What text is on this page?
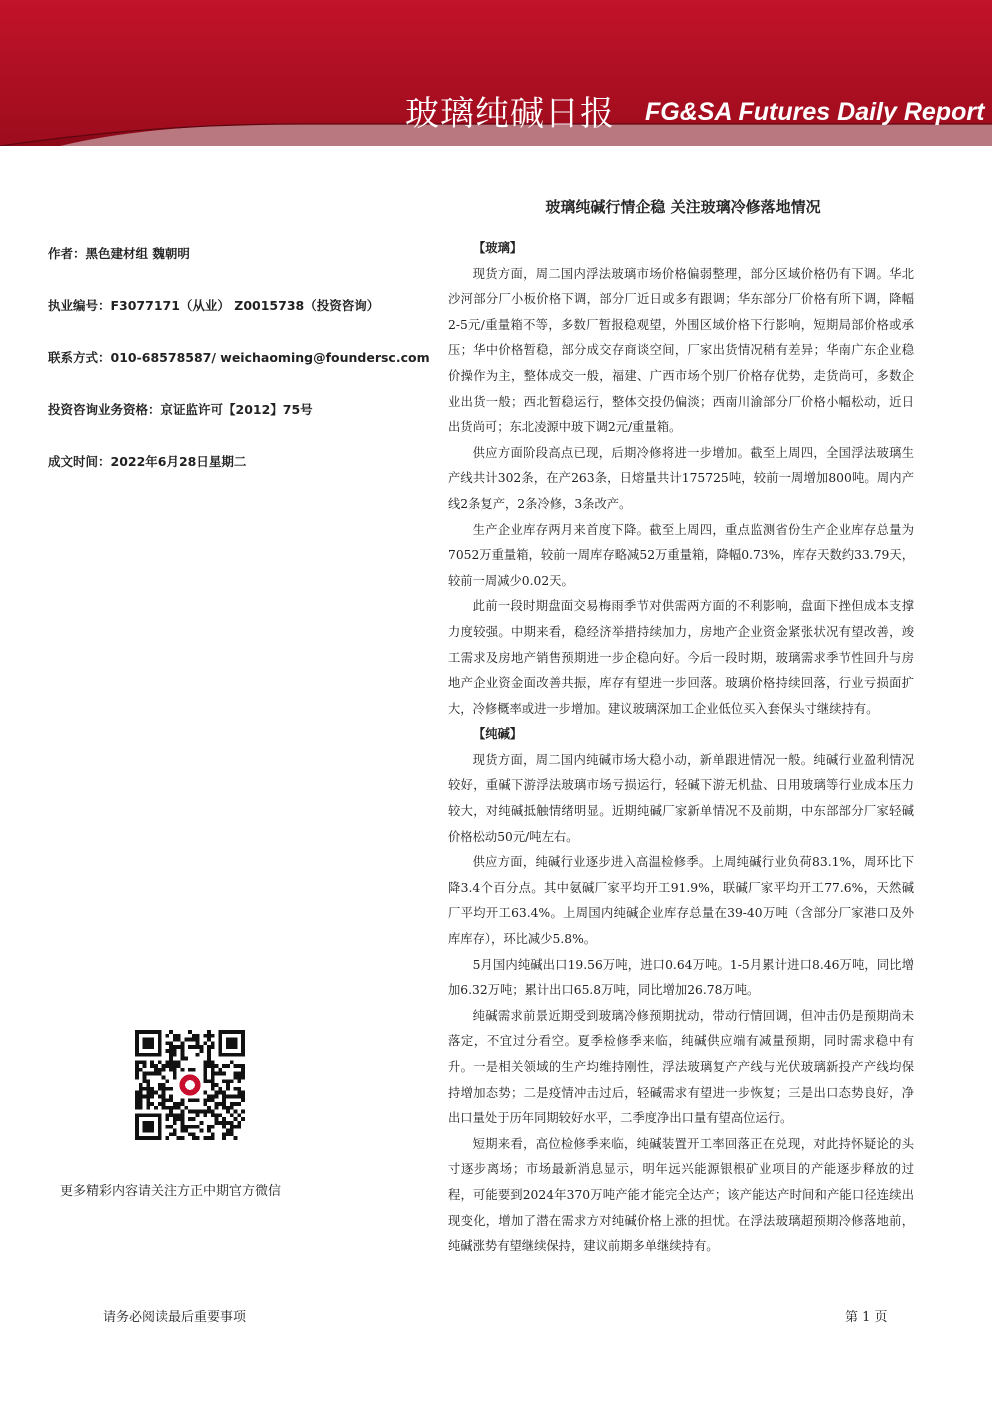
玻璃纯碱日报 FG&SA Futures Daily Report
玻璃纯碱行情企稳 关注玻璃冷修落地情况
作者：黑色建材组 魏朝明
执业编号：F3077171（从业） Z0015738（投资咨询）
联系方式：010-68578587/ weichaoming@foundersc.com
投资咨询业务资格：京证监许可【2012】75号
成文时间：2022年6月28日星期二
【玻璃】

现货方面，周二国内浮法玻璃市场价格偏弱整理，部分区域价格仍有下调。华北沙河部分厂小板价格下调，部分厂近日或多有跟调；华东部分厂价格有所下调，降幅2-5元/重量箱不等，多数厂暂报稳观望，外围区域价格下行影响，短期局部价格或承压；华中价格暂稳，部分成交存商谈空间，厂家出货情况稍有差异；华南广东企业稳价操作为主，整体成交一般，福建、广西市场个别厂价格存优势，走货尚可，多数企业出货一般；西北暂稳运行，整体交投仍偏淡；西南川渝部分厂价格小幅松动，近日出货尚可；东北凌源中玻下调2元/重量箱。

供应方面阶段高点已现，后期冷修将进一步增加。截至上周四，全国浮法玻璃生产线共计302条，在产263条，日熔量共计175725吨，较前一周增加800吨。周内产线2条复产，2条冷修，3条改产。

生产企业库存两月来首度下降。截至上周四，重点监测省份生产企业库存总量为7052万重量箱，较前一周库存略减52万重量箱，降幅0.73%，库存天数约33.79天，较前一周减少0.02天。

此前一段时期盘面交易梅雨季节对供需两方面的不利影响，盘面下挫但成本支撑力度较强。中期来看，稳经济举措持续加力，房地产企业资金紧张状况有望改善，竣工需求及房地产销售预期进一步企稳向好。今后一段时期，玻璃需求季节性回升与房地产企业资金面改善共振，库存有望进一步回落。玻璃价格持续回落，行业亏损面扩大，冷修概率或进一步增加。建议玻璃深加工企业低位买入套保头寸继续持有。

【纯碱】

现货方面，周二国内纯碱市场大稳小动，新单跟进情况一般。纯碱行业盈利情况较好，重碱下游浮法玻璃市场亏损运行，轻碱下游无机盐、日用玻璃等行业成本压力较大，对纯碱抵触情绪明显。近期纯碱厂家新单情况不及前期，中东部部分厂家轻碱价格松动50元/吨左右。

供应方面，纯碱行业逐步进入高温检修季。上周纯碱行业负荷83.1%，周环比下降3.4个百分点。其中氨碱厂家平均开工91.9%，联碱厂家平均开工77.6%，天然碱厂平均开工63.4%。上周国内纯碱企业库存总量在39-40万吨（含部分厂家港口及外库库存），环比减少5.8%。

5月国内纯碱出口19.56万吨，进口0.64万吨。1-5月累计进口8.46万吨，同比增加6.32万吨；累计出口65.8万吨，同比增加26.78万吨。

纯碱需求前景近期受到玻璃冷修预期扰动，带动行情回调，但冲击仍是预期尚未落定，不宜过分看空。夏季检修季来临，纯碱供应端有减量预期，同时需求稳中有升。一是相关领域的生产均维持刚性，浮法玻璃复产产线与光伏玻璃新投产产线均保持增加态势；二是疫情冲击过后，轻碱需求有望进一步恢复；三是出口态势良好，净出口量处于历年同期较好水平，二季度净出口量有望高位运行。

短期来看，高位检修季来临，纯碱装置开工率回落正在兑现，对此持怀疑论的头寸逐步离场；市场最新消息显示，明年远兴能源银根矿业项目的产能逐步释放的过程，可能要到2024年370万吨产能才能完全达产；该产能达产时间和产能口径连续出现变化，增加了潜在需求方对纯碱价格上涨的担忧。在浮法玻璃超预期冷修落地前，纯碱涨势有望继续保持，建议前期多单继续持有。

更多精彩内容请关注方正中期官方微信
请务必阅读最后重要事项	第 1 页
